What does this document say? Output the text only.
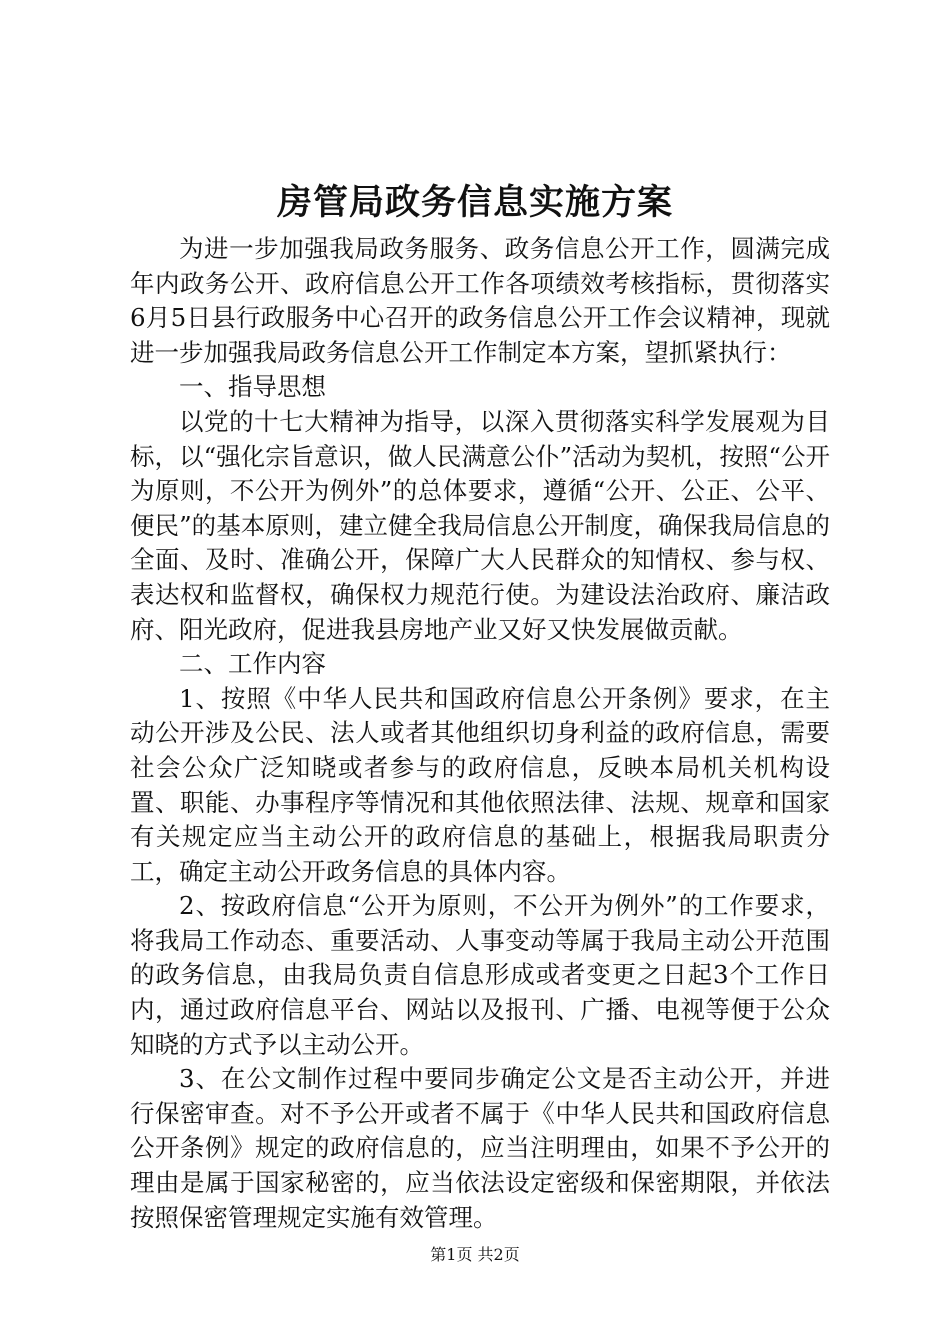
房管局政务信息实施方案

为进一步加强我局政务服务、政务信息公开工作，圆满完成年内政务公开、政府信息公开工作各项绩效考核指标，贯彻落实6月5日县行政服务中心召开的政务信息公开工作会议精神，现就进一步加强我局政务信息公开工作制定本方案，望抓紧执行：

一、指导思想

以党的十七大精神为指导，以深入贯彻落实科学发展观为目标，以“强化宗旨意识，做人民满意公仆”活动为契机，按照“公开为原则，不公开为例外”的总体要求，遵循“公开、公正、公平、便民”的基本原则，建立健全我局信息公开制度，确保我局信息的全面、及时、准确公开，保障广大人民群众的知情权、参与权、表达权和监督权，确保权力规范行使。为建设法治政府、廉洁政府、阳光政府，促进我县房地产业又好又快发展做贡献。

二、工作内容

1、按照《中华人民共和国政府信息公开条例》要求，在主动公开涉及公民、法人或者其他组织切身利益的政府信息，需要社会公众广泛知晓或者参与的政府信息，反映本局机关机构设置、职能、办事程序等情况和其他依照法律、法规、规章和国家有关规定应当主动公开的政府信息的基础上，根据我局职责分工，确定主动公开政务信息的具体内容。

2、按政府信息“公开为原则，不公开为例外”的工作要求，将我局工作动态、重要活动、人事变动等属于我局主动公开范围的政务信息，由我局负责自信息形成或者变更之日起3个工作日内，通过政府信息平台、网站以及报刊、广播、电视等便于公众知晓的方式予以主动公开。

3、在公文制作过程中要同步确定公文是否主动公开，并进行保密审查。对不予公开或者不属于《中华人民共和国政府信息公开条例》规定的政府信息的，应当注明理由，如果不予公开的理由是属于国家秘密的，应当依法设定密级和保密期限，并依法按照保密管理规定实施有效管理。

第1页 共2页
